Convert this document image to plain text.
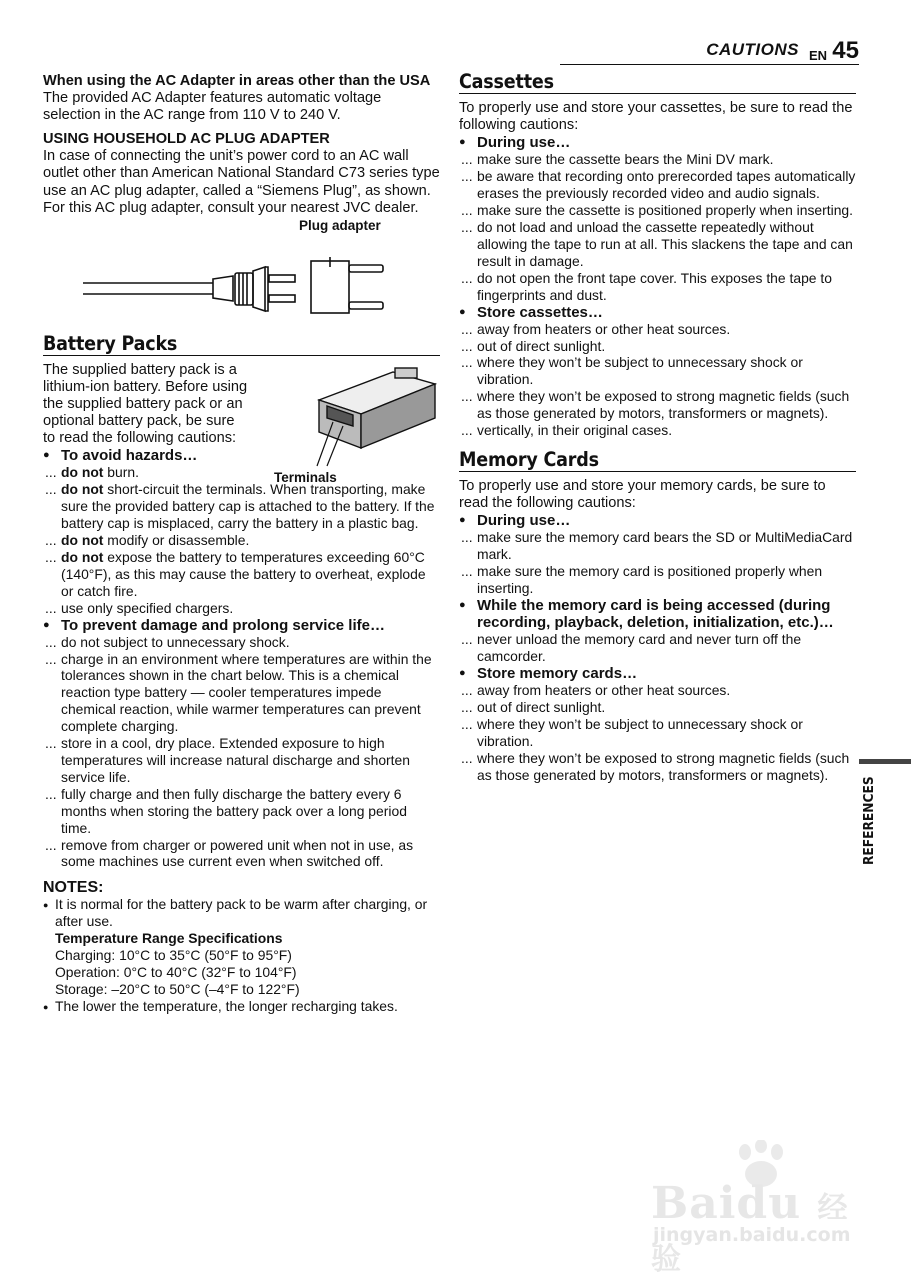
CAUTIONS EN 45

When using the AC Adapter in areas other than the USA

The provided AC Adapter features automatic voltage selection in the AC range from 110 V to 240 V.

USING HOUSEHOLD AC PLUG ADAPTER

In case of connecting the unit’s power cord to an AC wall outlet other than American National Standard C73 series type use an AC plug adapter, called a “Siemens Plug”, as shown.

For this AC plug adapter, consult your nearest JVC dealer.

Plug adapter
Battery Packs

The supplied battery pack is a lithium-ion battery. Before using the supplied battery pack or an optional battery pack, be sure to read the following cautions:

Terminals

● To avoid hazards…

... do not burn.

... do not short-circuit the terminals. When transporting, make sure the provided battery cap is attached to the battery. If the battery cap is misplaced, carry the battery in a plastic bag.

... do not modify or disassemble.

... do not expose the battery to temperatures exceeding 60°C (140°F), as this may cause the battery to overheat, explode or catch fire.

... use only specified chargers.

● To prevent damage and prolong service life…

... do not subject to unnecessary shock.

... charge in an environment where temperatures are within the tolerances shown in the chart below. This is a chemical reaction type battery — cooler temperatures impede chemical reaction, while warmer temperatures can prevent complete charging.

... store in a cool, dry place. Extended exposure to high temperatures will increase natural discharge and shorten service life.

... fully charge and then fully discharge the battery every 6 months when storing the battery pack over a long period time.

... remove from charger or powered unit when not in use, as some machines use current even when switched off.

NOTES:

● It is normal for the battery pack to be warm after charging, or after use.

Temperature Range Specifications

Charging: 10°C to 35°C (50°F to 95°F)

Operation: 0°C to 40°C (32°F to 104°F)

Storage: –20°C to 50°C (–4°F to 122°F)

● The lower the temperature, the longer recharging takes.

Cassettes

To properly use and store your cassettes, be sure to read the following cautions:

● During use…

... make sure the cassette bears the Mini DV mark.

... be aware that recording onto prerecorded tapes automatically erases the previously recorded video and audio signals.

... make sure the cassette is positioned properly when inserting.

... do not load and unload the cassette repeatedly without allowing the tape to run at all. This slackens the tape and can result in damage.

... do not open the front tape cover. This exposes the tape to fingerprints and dust.

● Store cassettes…

... away from heaters or other heat sources.

... out of direct sunlight.

... where they won’t be subject to unnecessary shock or vibration.

... where they won’t be exposed to strong magnetic fields (such as those generated by motors, transformers or magnets).

... vertically, in their original cases.

Memory Cards

To properly use and store your memory cards, be sure to read the following cautions:

● During use…

... make sure the memory card bears the SD or MultiMediaCard mark.

... make sure the memory card is positioned properly when inserting.

● While the memory card is being accessed (during recording, playback, deletion, initialization, etc.)…

... never unload the memory card and never turn off the camcorder.

● Store memory cards…

... away from heaters or other heat sources.

... out of direct sunlight.

... where they won’t be subject to unnecessary shock or vibration.

... where they won’t be exposed to strong magnetic fields (such as those generated by motors, transformers or magnets).

REFERENCES
Baidu 经验
jingyan.baidu.com
